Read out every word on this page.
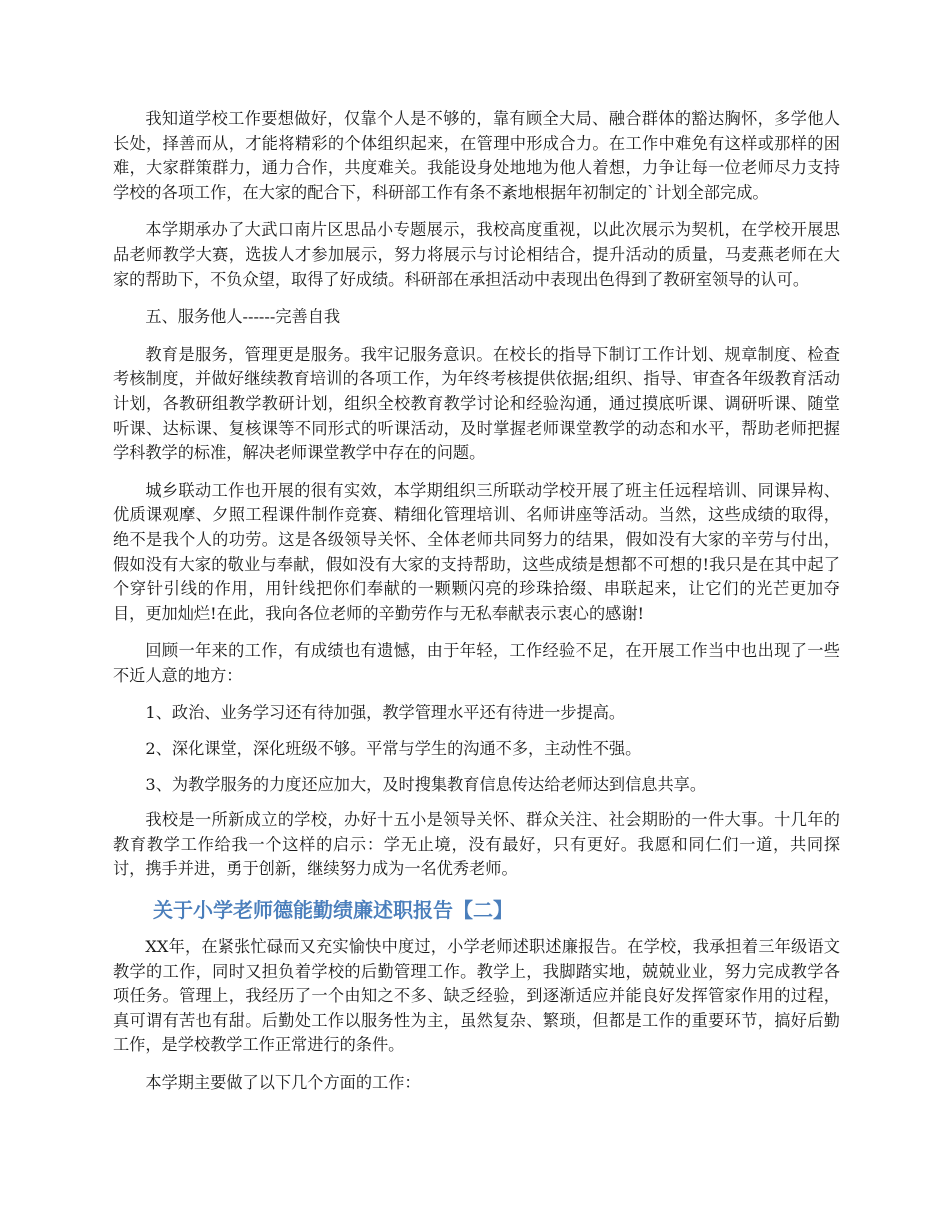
我知道学校工作要想做好，仅靠个人是不够的，靠有顾全大局、融合群体的豁达胸怀，多学他人长处，择善而从，才能将精彩的个体组织起来，在管理中形成合力。在工作中难免有这样或那样的困难，大家群策群力，通力合作，共度难关。我能设身处地地为他人着想，力争让每一位老师尽力支持学校的各项工作，在大家的配合下，科研部工作有条不紊地根据年初制定的`计划全部完成。

本学期承办了大武口南片区思品小专题展示，我校高度重视，以此次展示为契机，在学校开展思品老师教学大赛，选拔人才参加展示，努力将展示与讨论相结合，提升活动的质量，马麦燕老师在大家的帮助下，不负众望，取得了好成绩。科研部在承担活动中表现出色得到了教研室领导的认可。

五、服务他人------完善自我

教育是服务，管理更是服务。我牢记服务意识。在校长的指导下制订工作计划、规章制度、检查考核制度，并做好继续教育培训的各项工作，为年终考核提供依据;组织、指导、审查各年级教育活动计划，各教研组教学教研计划，组织全校教育教学讨论和经验沟通，通过摸底听课、调研听课、随堂听课、达标课、复核课等不同形式的听课活动，及时掌握老师课堂教学的动态和水平，帮助老师把握学科教学的标准，解决老师课堂教学中存在的问题。

城乡联动工作也开展的很有实效，本学期组织三所联动学校开展了班主任远程培训、同课异构、优质课观摩、夕照工程课件制作竞赛、精细化管理培训、名师讲座等活动。当然，这些成绩的取得，绝不是我个人的功劳。这是各级领导关怀、全体老师共同努力的结果，假如没有大家的辛劳与付出，假如没有大家的敬业与奉献，假如没有大家的支持帮助，这些成绩是想都不可想的!我只是在其中起了个穿针引线的作用，用针线把你们奉献的一颗颗闪亮的珍珠拾缀、串联起来，让它们的光芒更加夺目，更加灿烂!在此，我向各位老师的辛勤劳作与无私奉献表示衷心的感谢!

回顾一年来的工作，有成绩也有遗憾，由于年轻，工作经验不足，在开展工作当中也出现了一些不近人意的地方：

1、政治、业务学习还有待加强，教学管理水平还有待进一步提高。

2、深化课堂，深化班级不够。平常与学生的沟通不多，主动性不强。

3、为教学服务的力度还应加大，及时搜集教育信息传达给老师达到信息共享。

我校是一所新成立的学校，办好十五小是领导关怀、群众关注、社会期盼的一件大事。十几年的教育教学工作给我一个这样的启示：学无止境，没有最好，只有更好。我愿和同仁们一道，共同探讨，携手并进，勇于创新，继续努力成为一名优秀老师。

关于小学老师德能勤绩廉述职报告【二】

XX年，在紧张忙碌而又充实愉快中度过，小学老师述职述廉报告。在学校，我承担着三年级语文教学的工作，同时又担负着学校的后勤管理工作。教学上，我脚踏实地，兢兢业业，努力完成教学各项任务。管理上，我经历了一个由知之不多、缺乏经验，到逐渐适应并能良好发挥管家作用的过程，真可谓有苦也有甜。后勤处工作以服务性为主，虽然复杂、繁琐，但都是工作的重要环节，搞好后勤工作，是学校教学工作正常进行的条件。

本学期主要做了以下几个方面的工作：
